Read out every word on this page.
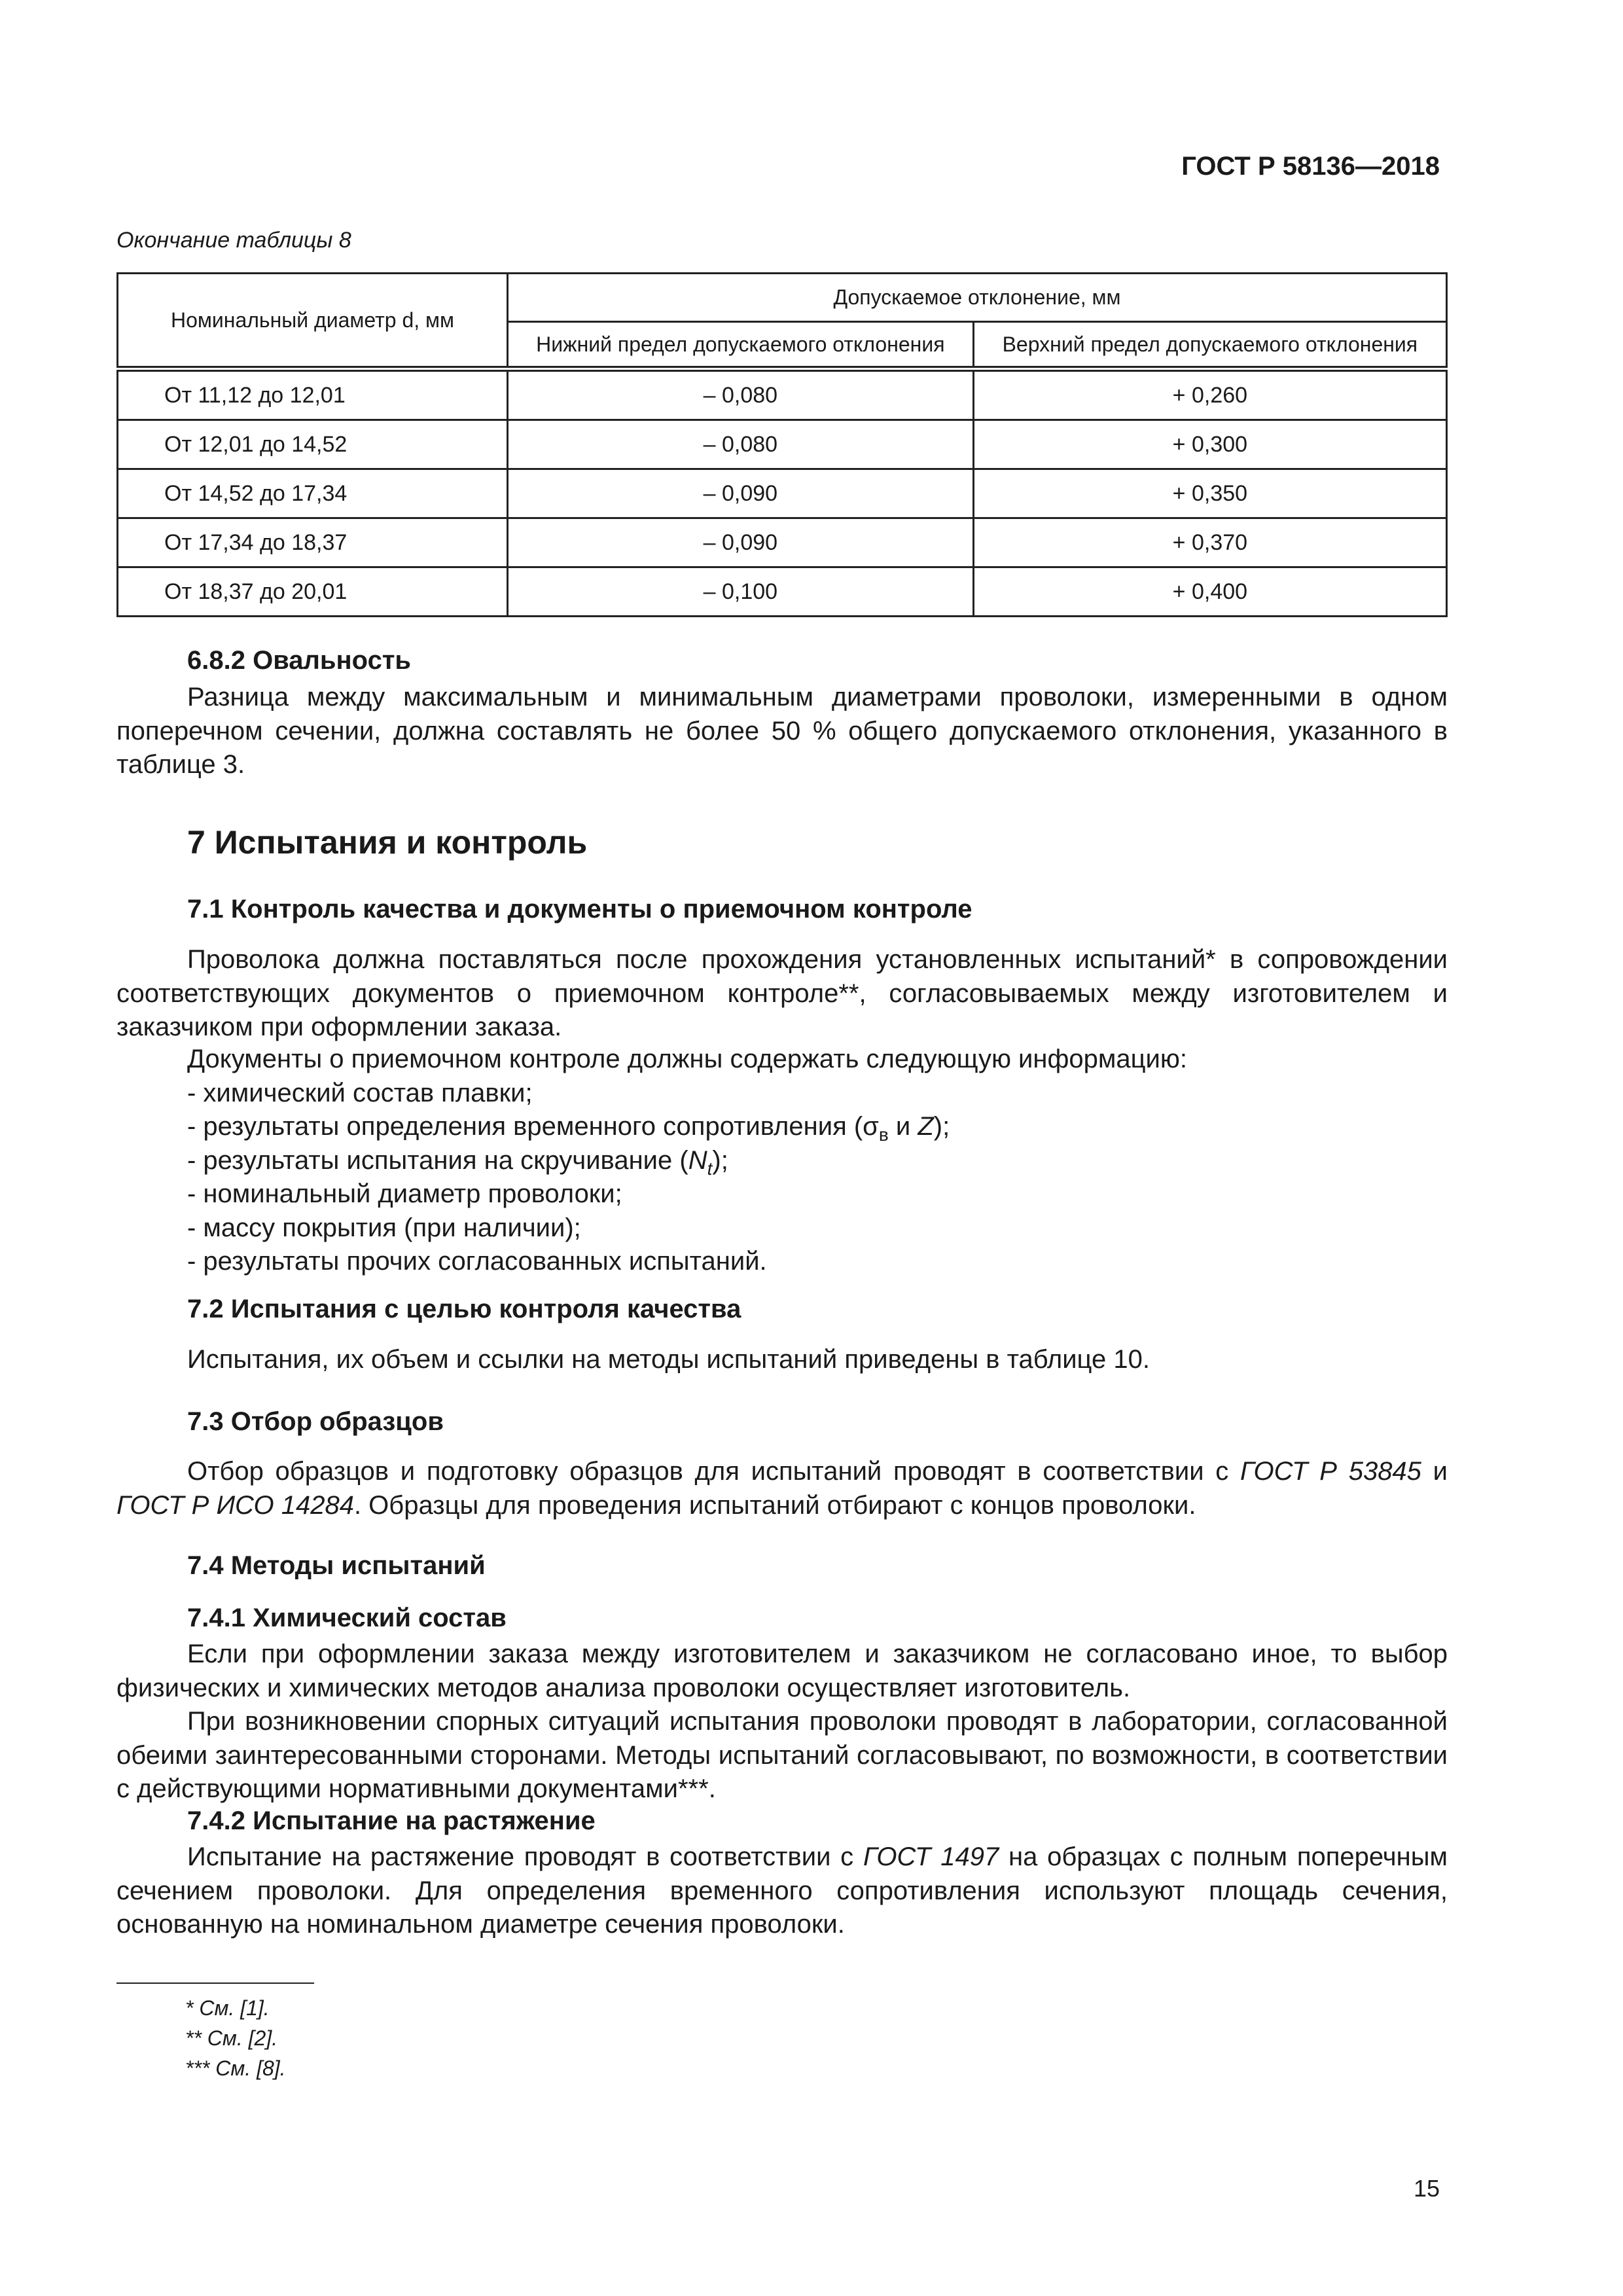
ГОСТ Р 58136—2018
Окончание таблицы 8
Номинальный диаметр d, мм	Допускаемое отклонение, мм	
	Нижний предел допускаемого отклонения	Верхний предел допускаемого отклонения
От 11,12 до 12,01	– 0,080	+ 0,260
От 12,01 до 14,52	– 0,080	+ 0,300
От 14,52 до 17,34	– 0,090	+ 0,350
От 17,34 до 18,37	– 0,090	+ 0,370
От 18,37 до 20,01	– 0,100	+ 0,400
6.8.2 Овальность
Разница между максимальным и минимальным диаметрами проволоки, измеренными в одном поперечном сечении, должна составлять не более 50 % общего допускаемого отклонения, указанного в таблице 3.
7 Испытания и контроль
7.1 Контроль качества и документы о приемочном контроле
Проволока должна поставляться после прохождения установленных испытаний* в сопровождении соответствующих документов о приемочном контроле**, согласовываемых между изготовителем и заказчиком при оформлении заказа.
Документы о приемочном контроле должны содержать следующую информацию:
- химический состав плавки;
- результаты определения временного сопротивления ($\sigma_в$ и Z);
- результаты испытания на скручивание $(N_t)$;
- номинальный диаметр проволоки;
- массу покрытия (при наличии);
- результаты прочих согласованных испытаний.
7.2 Испытания с целью контроля качества
Испытания, их объем и ссылки на методы испытаний приведены в таблице 10.
7.3 Отбор образцов
Отбор образцов и подготовку образцов для испытаний проводят в соответствии с ГОСТ Р 53845 и ГОСТ Р ИСО 14284. Образцы для проведения испытаний отбирают с концов проволоки.
7.4 Методы испытаний
7.4.1 Химический состав
Если при оформлении заказа между изготовителем и заказчиком не согласовано иное, то выбор физических и химических методов анализа проволоки осуществляет изготовитель.
При возникновении спорных ситуаций испытания проволоки проводят в лаборатории, согласованной обеими заинтересованными сторонами. Методы испытаний согласовывают, по возможности, в соответствии с действующими нормативными документами***.
7.4.2 Испытание на растяжение
Испытание на растяжение проводят в соответствии с ГОСТ 1497 на образцах с полным поперечным сечением проволоки. Для определения временного сопротивления используют площадь сечения, основанную на номинальном диаметре сечения проволоки.
* См. [1].
** См. [2].
*** См. [8].
15
